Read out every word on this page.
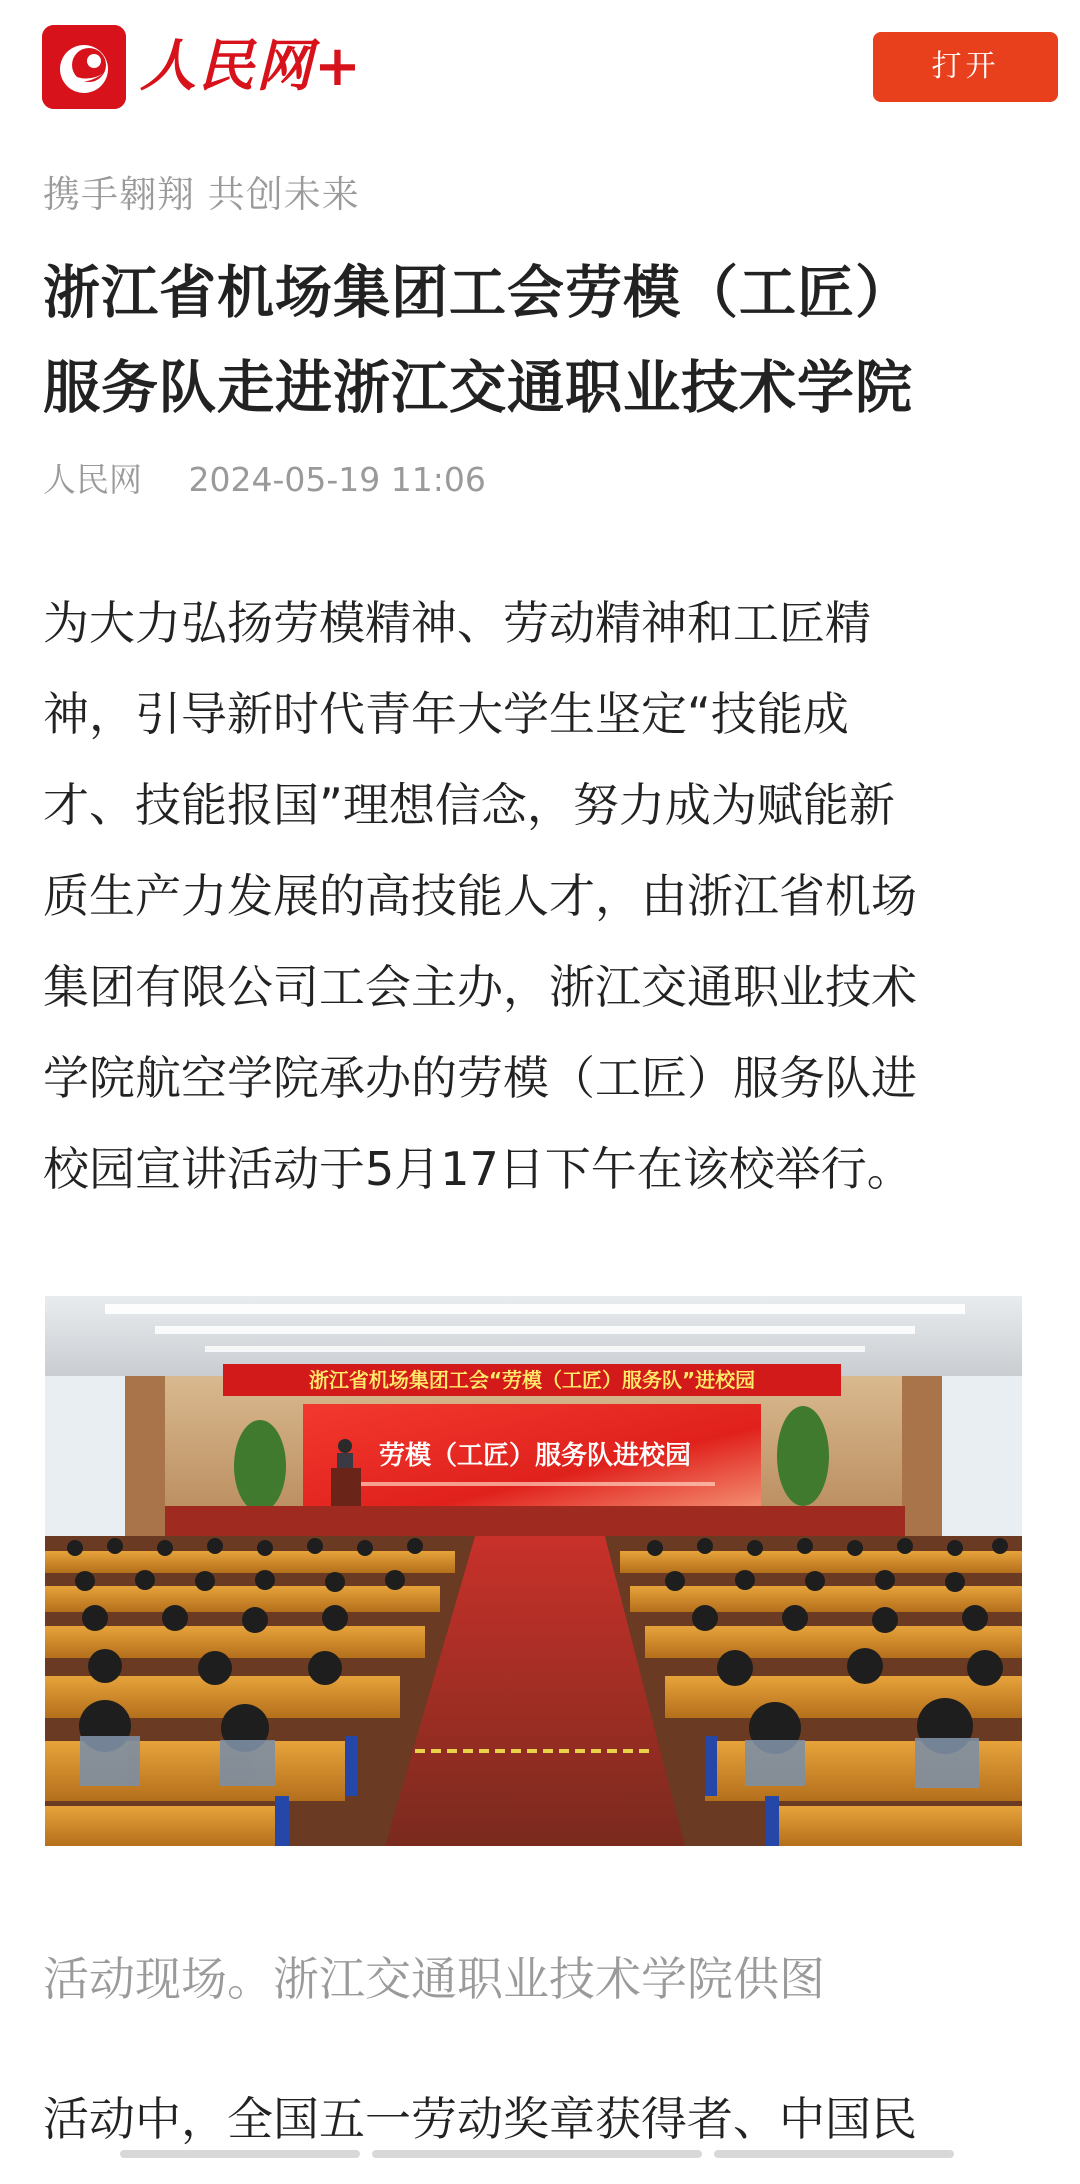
人民网+	打开
携手翱翔 共创未来
浙江省机场集团工会劳模（工匠）
服务队走进浙江交通职业技术学院
人民网 2024-05-19 11:06

为大力弘扬劳模精神、劳动精神和工匠精
神，引导新时代青年大学生坚定“技能成
才、技能报国”理想信念，努力成为赋能新
质生产力发展的高技能人才，由浙江省机场
集团有限公司工会主办，浙江交通职业技术
学院航空学院承办的劳模（工匠）服务队进
校园宣讲活动于5月17日下午在该校举行。

浙江省机场集团工会“劳模（工匠）服务队”进校园
劳模（工匠）服务队进校园
活动现场。浙江交通职业技术学院供图

活动中，全国五一劳动奖章获得者、中国民
